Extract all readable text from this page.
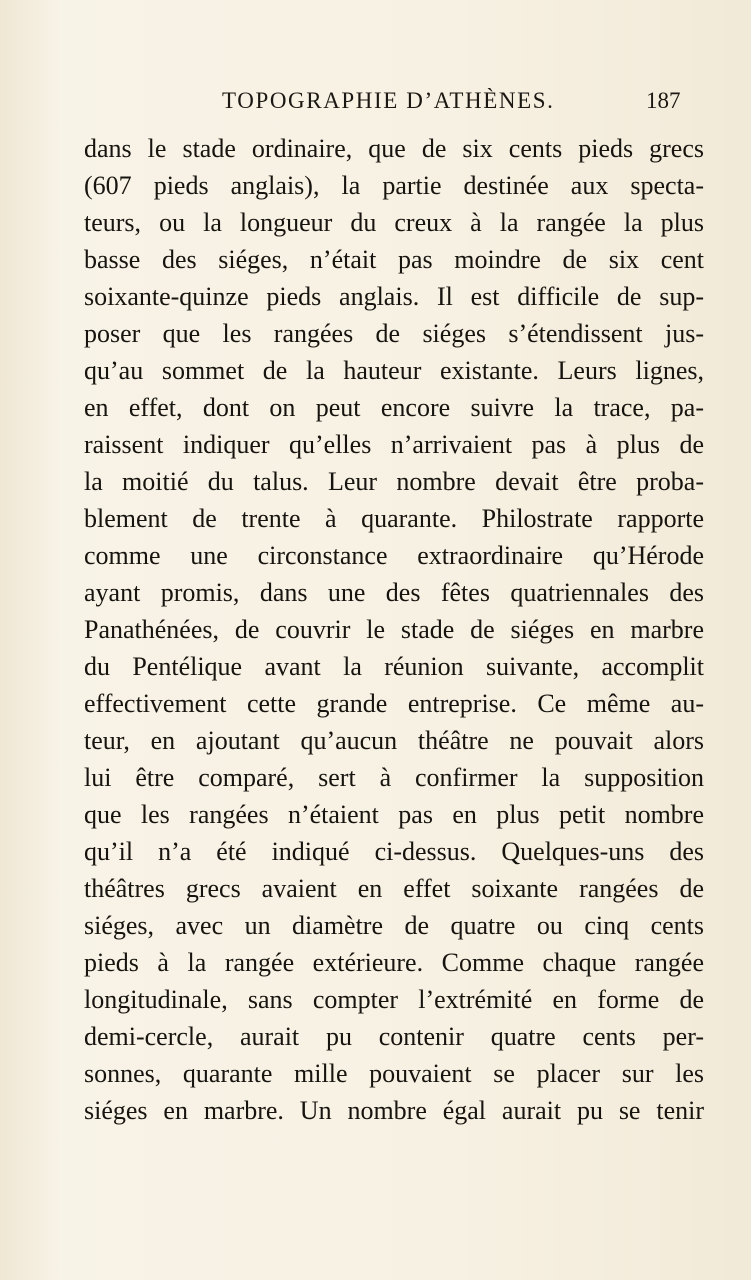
TOPOGRAPHIE D’ATHÈNES.	187
dans le stade ordinaire, que de six cents pieds grecs
(607 pieds anglais), la partie destinée aux specta-
teurs, ou la longueur du creux à la rangée la plus
basse des siéges, n’était pas moindre de six cent
soixante-quinze pieds anglais. Il est difficile de sup-
poser que les rangées de siéges s’étendissent jus-
qu’au sommet de la hauteur existante. Leurs lignes,
en effet, dont on peut encore suivre la trace, pa-
raissent indiquer qu’elles n’arrivaient pas à plus de
la moitié du talus. Leur nombre devait être proba-
blement de trente à quarante. Philostrate rapporte
comme une circonstance extraordinaire qu’Hérode
ayant promis, dans une des fêtes quatriennales des
Panathénées, de couvrir le stade de siéges en marbre
du Pentélique avant la réunion suivante, accomplit
effectivement cette grande entreprise. Ce même au-
teur, en ajoutant qu’aucun théâtre ne pouvait alors
lui être comparé, sert à confirmer la supposition
que les rangées n’étaient pas en plus petit nombre
qu’il n’a été indiqué ci-dessus. Quelques-uns des
théâtres grecs avaient en effet soixante rangées de
siéges, avec un diamètre de quatre ou cinq cents
pieds à la rangée extérieure. Comme chaque rangée
longitudinale, sans compter l’extrémité en forme de
demi-cercle, aurait pu contenir quatre cents per-
sonnes, quarante mille pouvaient se placer sur les
siéges en marbre. Un nombre égal aurait pu se tenir
